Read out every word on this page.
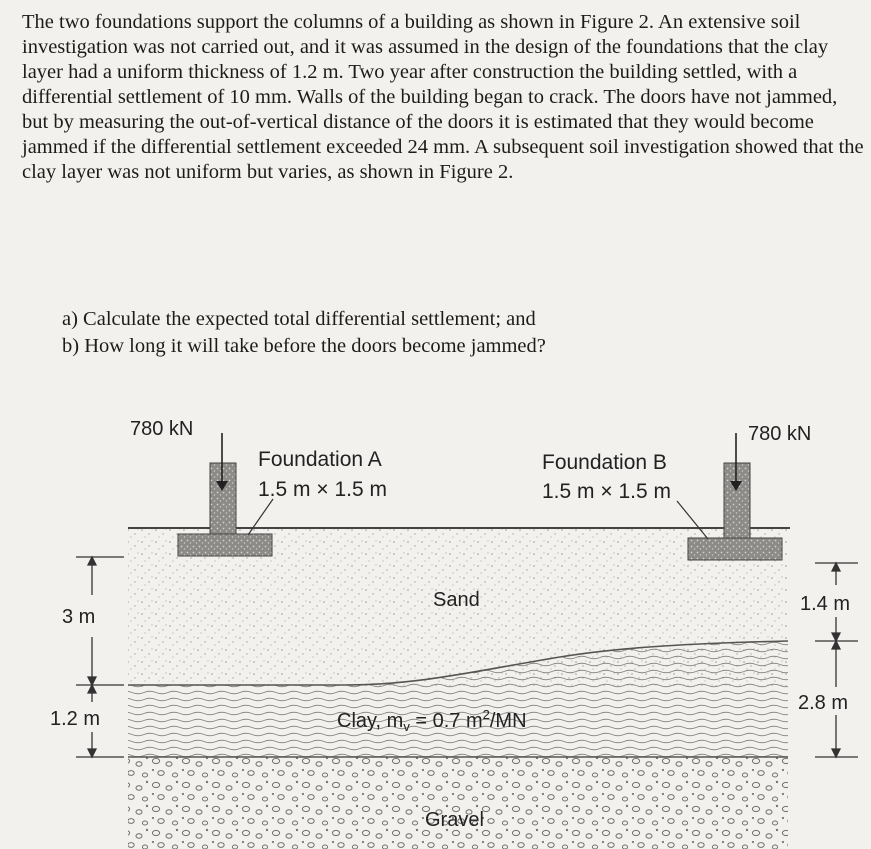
The two foundations support the columns of a building as shown in Figure 2. An extensive soil investigation was not carried out, and it was assumed in the design of the foundations that the clay layer had a uniform thickness of 1.2 m. Two year after construction the building settled, with a differential settlement of 10 mm. Walls of the building began to crack. The doors have not jammed, but by measuring the out-of-vertical distance of the doors it is estimated that they would become jammed if the differential settlement exceeded 24 mm. A subsequent soil investigation showed that the clay layer was not uniform but varies, as shown in Figure 2.

a) Calculate the expected total differential settlement; and
b) How long it will take before the doors become jammed?
780 kN	780 kN
Foundation A
1.5 m × 1.5 m
Foundation B
1.5 m × 1.5 m
Sand
Clay, $m_v = 0.7$ $m^2/MN$
Gravel
3 m
1.2 m
1.4 m
2.8 m
